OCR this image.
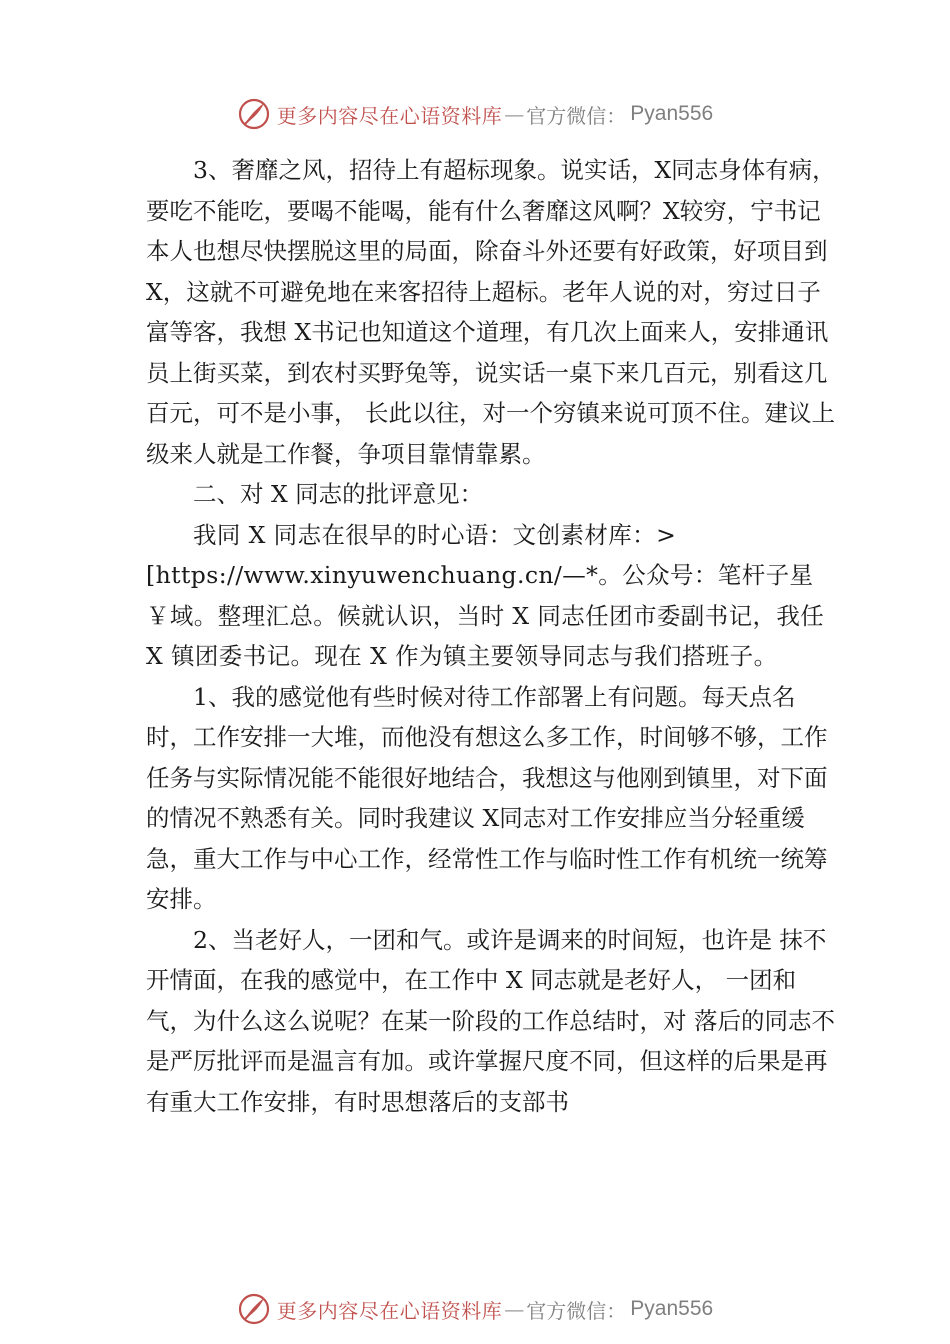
更多内容尽在心语资料库 — 官方微信： Pyan556

3、奢靡之风，招待上有超标现象。说实话，X同志身体有病，要吃不能吃，要喝不能喝，能有什么奢靡这风啊？X较穷，宁书记本人也想尽快摆脱这里的局面，除奋斗外还要有好政策，好项目到 X，这就不可避免地在来客招待上超标。老年人说的对，穷过日子富等客，我想 X书记也知道这个道理，有几次上面来人，安排通讯员上街买菜，到农村买野兔等，说实话一桌下来几百元，别看这几百元，可不是小事， 长此以往，对一个穷镇来说可顶不住。建议上级来人就是工作餐，争项目靠情靠累。

二、对 X 同志的批评意见：

我同 X 同志在很早的时心语：文创素材库：>[https://www.xinyuwenchuang.cn/—*。公众号：笔杆子星￥域。整理汇总。候就认识，当时 X 同志任团市委副书记，我任 X 镇团委书记。现在 X 作为镇主要领导同志与我们搭班子。

1、我的感觉他有些时候对待工作部署上有问题。每天点名时，工作安排一大堆，而他没有想这么多工作，时间够不够，工作任务与实际情况能不能很好地结合，我想这与他刚到镇里，对下面的情况不熟悉有关。同时我建议 X同志对工作安排应当分轻重缓急，重大工作与中心工作，经常性工作与临时性工作有机统一统筹安排。

2、当老好人，一团和气。或许是调来的时间短，也许是 抹不开情面，在我的感觉中，在工作中 X 同志就是老好人， 一团和气，为什么这么说呢？在某一阶段的工作总结时，对 落后的同志不是严厉批评而是温言有加。或许掌握尺度不同，但这样的后果是再有重大工作安排，有时思想落后的支部书

更多内容尽在心语资料库 — 官方微信： Pyan556
